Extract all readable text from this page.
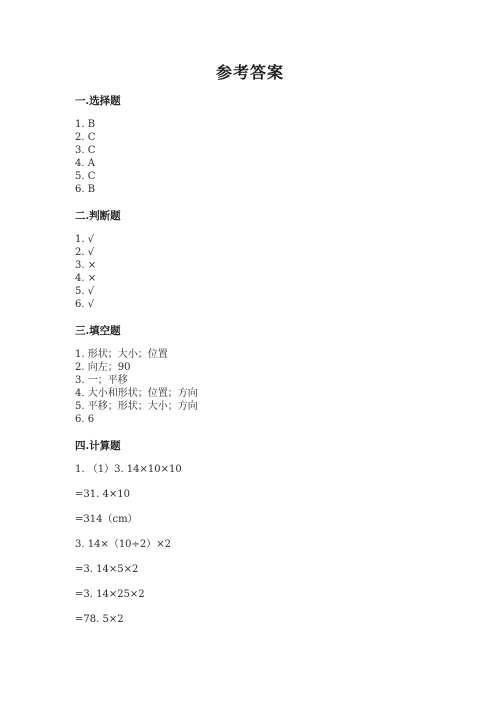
参考答案
一.选择题
1. B
2. C
3. C
4. A
5. C
6. B
二.判断题
1. √
2. √
3. ×
4. ×
5. √
6. √
三.填空题
1. 形状；大小；位置
2. 向左；90
3. 一；平移
4. 大小和形状；位置；方向
5. 平移；形状；大小；方向
6. 6
四.计算题
1. （1）3. 14×10×10
=31. 4×10
=314（cm）
3. 14×（10÷2）×2
=3. 14×5×2
=3. 14×25×2
=78. 5×2
